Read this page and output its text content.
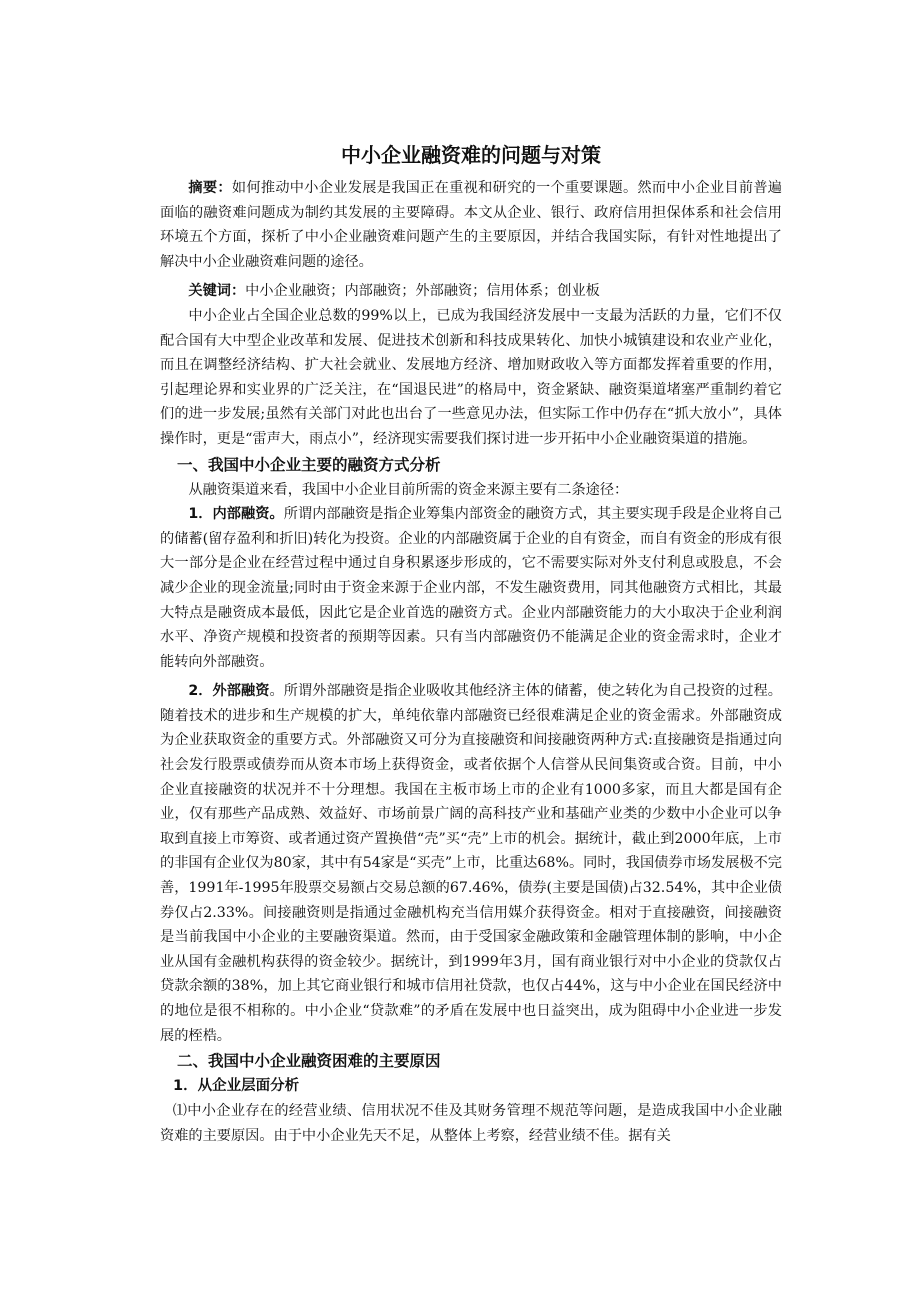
中小企业融资难的问题与对策

摘要：如何推动中小企业发展是我国正在重视和研究的一个重要课题。然而中小企业目前普遍面临的融资难问题成为制约其发展的主要障碍。本文从企业、银行、政府信用担保体系和社会信用环境五个方面，探析了中小企业融资难问题产生的主要原因，并结合我国实际，有针对性地提出了解决中小企业融资难问题的途径。

关键词：中小企业融资；内部融资；外部融资；信用体系；创业板

中小企业占全国企业总数的99%以上，已成为我国经济发展中一支最为活跃的力量，它们不仅配合国有大中型企业改革和发展、促进技术创新和科技成果转化、加快小城镇建设和农业产业化，而且在调整经济结构、扩大社会就业、发展地方经济、增加财政收入等方面都发挥着重要的作用，引起理论界和实业界的广泛关注，在“国退民进”的格局中，资金紧缺、融资渠道堵塞严重制约着它们的进一步发展;虽然有关部门对此也出台了一些意见办法，但实际工作中仍存在“抓大放小”，具体操作时，更是“雷声大，雨点小”，经济现实需要我们探讨进一步开拓中小企业融资渠道的措施。

一、我国中小企业主要的融资方式分析

从融资渠道来看，我国中小企业目前所需的资金来源主要有二条途径：

1．内部融资。所谓内部融资是指企业筹集内部资金的融资方式，其主要实现手段是企业将自己的储蓄(留存盈利和折旧)转化为投资。企业的内部融资属于企业的自有资金，而自有资金的形成有很大一部分是企业在经营过程中通过自身积累逐步形成的，它不需要实际对外支付利息或股息，不会减少企业的现金流量;同时由于资金来源于企业内部，不发生融资费用，同其他融资方式相比，其最大特点是融资成本最低，因此它是企业首选的融资方式。企业内部融资能力的大小取决于企业利润水平、净资产规模和投资者的预期等因素。只有当内部融资仍不能满足企业的资金需求时，企业才能转向外部融资。

2．外部融资。所谓外部融资是指企业吸收其他经济主体的储蓄，使之转化为自己投资的过程。随着技术的进步和生产规模的扩大，单纯依靠内部融资已经很难满足企业的资金需求。外部融资成为企业获取资金的重要方式。外部融资又可分为直接融资和间接融资两种方式:直接融资是指通过向社会发行股票或债券而从资本市场上获得资金，或者依据个人信誉从民间集资或合资。目前，中小企业直接融资的状况并不十分理想。我国在主板市场上市的企业有1000多家，而且大都是国有企业，仅有那些产品成熟、效益好、市场前景广阔的高科技产业和基础产业类的少数中小企业可以争取到直接上市筹资、或者通过资产置换借“壳”买“壳”上市的机会。据统计，截止到2000年底，上市的非国有企业仅为80家，其中有54家是“买壳”上市，比重达68%。同时，我国债券市场发展极不完善，1991年-1995年股票交易额占交易总额的67.46%，债券(主要是国债)占32.54%，其中企业债券仅占2.33%。间接融资则是指通过金融机构充当信用媒介获得资金。相对于直接融资，间接融资是当前我国中小企业的主要融资渠道。然而，由于受国家金融政策和金融管理体制的影响，中小企业从国有金融机构获得的资金较少。据统计，到1999年3月，国有商业银行对中小企业的贷款仅占贷款余额的38%，加上其它商业银行和城市信用社贷款，也仅占44%，这与中小企业在国民经济中的地位是很不相称的。中小企业“贷款难”的矛盾在发展中也日益突出，成为阻碍中小企业进一步发展的桎梏。

二、我国中小企业融资困难的主要原因
1．从企业层面分析

⑴中小企业存在的经营业绩、信用状况不佳及其财务管理不规范等问题，是造成我国中小企业融资难的主要原因。由于中小企业先天不足，从整体上考察，经营业绩不佳。据有关
